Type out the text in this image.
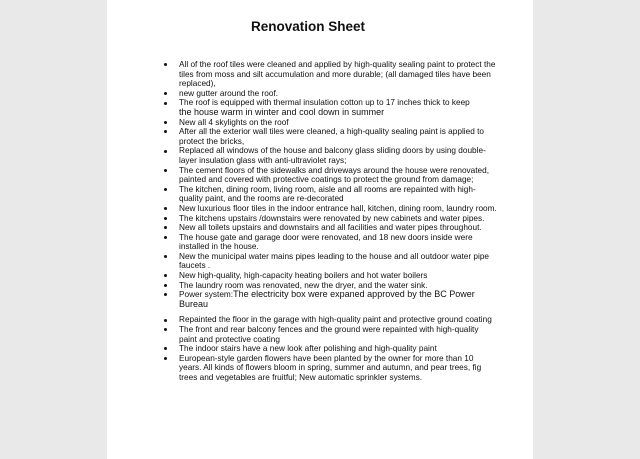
Renovation Sheet
All of the roof tiles were cleaned and applied by high-quality sealing paint to protect the tiles from moss and silt accumulation and more durable; (all damaged tiles have been replaced),
new gutter around the roof.
The roof is equipped with thermal insulation cotton up to 17 inches thick to keep
the house warm in winter and cool down in summer
New all 4 skylights on the roof
After all the exterior wall tiles were cleaned, a high-quality sealing paint is applied to protect the bricks,
Replaced all windows of the house and balcony glass sliding doors by using double-layer insulation glass with anti-ultraviolet rays;
The cement floors of the sidewalks and driveways around the house were renovated, painted and covered with protective coatings to protect the ground from damage;
The kitchen, dining room, living room, aisle and all rooms are repainted with high-quality paint, and the rooms are re-decorated
New luxurious floor tiles in the indoor entrance hall, kitchen, dining room, laundry room.
The kitchens upstairs /downstairs were renovated by new cabinets and water pipes.
New all toilets upstairs and downstairs and all facilities and water pipes throughout.
The house gate and garage door were renovated, and 18 new doors inside were installed in the house.
New the municipal water mains pipes leading to the house and all outdoor water pipe faucets .
New high-quality, high-capacity heating boilers and hot water boilers
The laundry room was renovated, new the dryer, and the water sink.
Power system:The electricity box were expaned approved by the BC Power Bureau
Repainted the floor in the garage with high-quality paint and protective ground coating
The front and rear balcony fences and the ground were repainted with high-quality paint and protective coating
The indoor stairs have a new look after polishing and high-quality paint
European-style garden flowers have been planted by the owner for more than 10 years. All kinds of flowers bloom in spring, summer and autumn, and pear trees, fig trees and vegetables are fruitful; New automatic sprinkler systems.
